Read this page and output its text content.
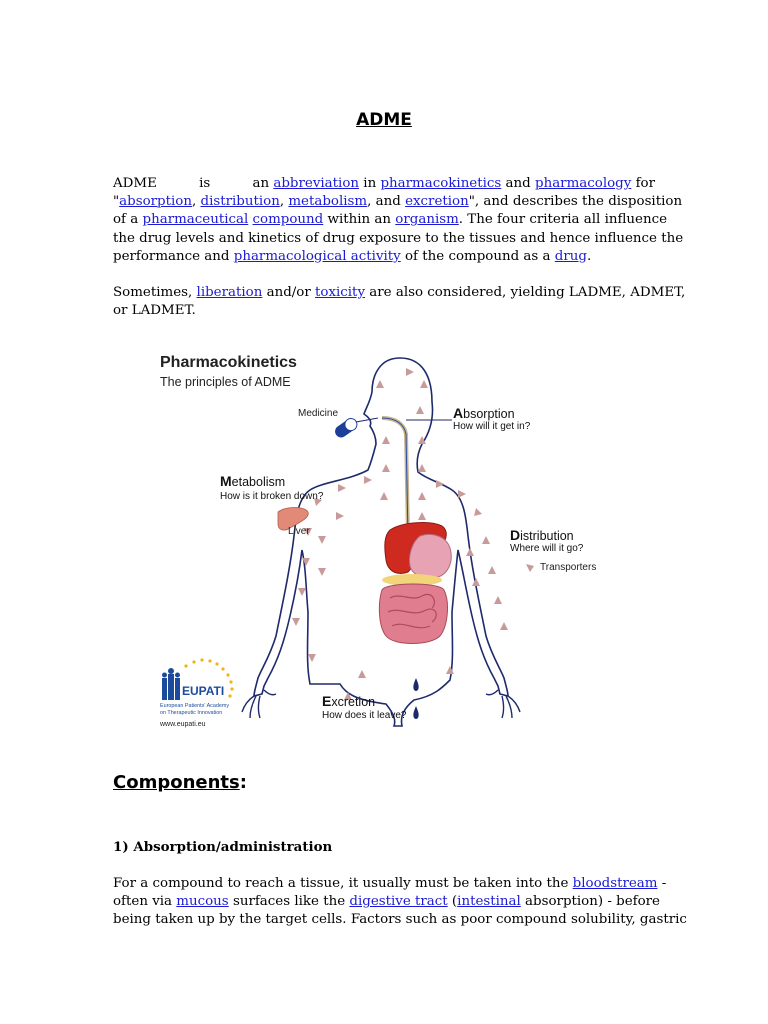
ADME
ADME	is	an abbreviation in pharmacokinetics and pharmacology for
"absorption, distribution, metabolism, and excretion", and describes the disposition
of a pharmaceutical compound within an organism. The four criteria all influence
the drug levels and kinetics of drug exposure to the tissues and hence influence the
performance and pharmacological activity of the compound as a drug.
Sometimes, liberation and/or toxicity are also considered, yielding LADME, ADMET,
or LADMET.
Pharmacokinetics
The principles of ADME
Medicine	Absorption
How will it get in?
Metabolism
How is it broken down?
Liver	Distribution
Where will it go?
Transporters
Excretion
How does it leave?
EUPATI
European Patients' Academy
on Therapeutic Innovation
www.eupati.eu
Components:
1) Absorption/administration
For a compound to reach a tissue, it usually must be taken into the bloodstream -
often via mucous surfaces like the digestive tract (intestinal absorption) - before
being taken up by the target cells. Factors such as poor compound solubility, gastric
